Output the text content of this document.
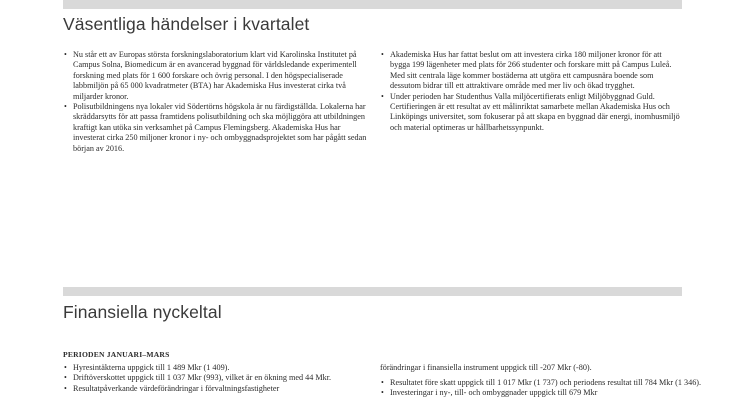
Väsentliga händelser i kvartalet
• Nu står ett av Europas största forskningslaboratorium klart vid Karolinska Institutet på Campus Solna, Biomedicum är en avancerad byggnad för världsledande experimentell forskning med plats för 1 600 forskare och övrig personal. I den högspecialiserade labbmiljön på 65 000 kvadratmeter (BTA) har Akademiska Hus investerat cirka två miljarder kronor.
• Polisutbildningens nya lokaler vid Södertörns högskola är nu färdigställda. Lokalerna har skräddarsytts för att passa framtidens polisutbildning och ska möjliggöra att utbildningen kraftigt kan utöka sin verksamhet på Campus Flemingsberg. Akademiska Hus har investerat cirka 250 miljoner kronor i ny- och ombyggnadsprojektet som har pågått sedan början av 2016.
• Akademiska Hus har fattat beslut om att investera cirka 180 miljoner kronor för att bygga 199 lägenheter med plats för 266 studenter och forskare mitt på Campus Luleå. Med sitt centrala läge kommer bostäderna att utgöra ett campusnära boende som dessutom bidrar till ett attraktivare område med mer liv och ökad trygghet.
• Under perioden har Studenthus Valla miljöcertifierats enligt Miljöbyggnad Guld. Certifieringen är ett resultat av ett målinriktat samarbete mellan Akademiska Hus och Linköpings universitet, som fokuserar på att skapa en byggnad där energi, inomhusmiljö och material optimeras ur hållbarhetssynpunkt.
Finansiella nyckeltal
PERIODEN JANUARI–MARS
• Hyresintäkterna uppgick till 1 489 Mkr (1 409).
• Driftöverskottet uppgick till 1 037 Mkr (993), vilket är en ökning med 44 Mkr.
• Resultatpåverkande värdeförändringar i förvaltningsfastigheter
förändringar i finansiella instrument uppgick till -207 Mkr (-80).
• Resultatet före skatt uppgick till 1 017 Mkr (1 737) och periodens resultat till 784 Mkr (1 346).
• Investeringar i ny-, till- och ombyggnader uppgick till 679 Mkr
